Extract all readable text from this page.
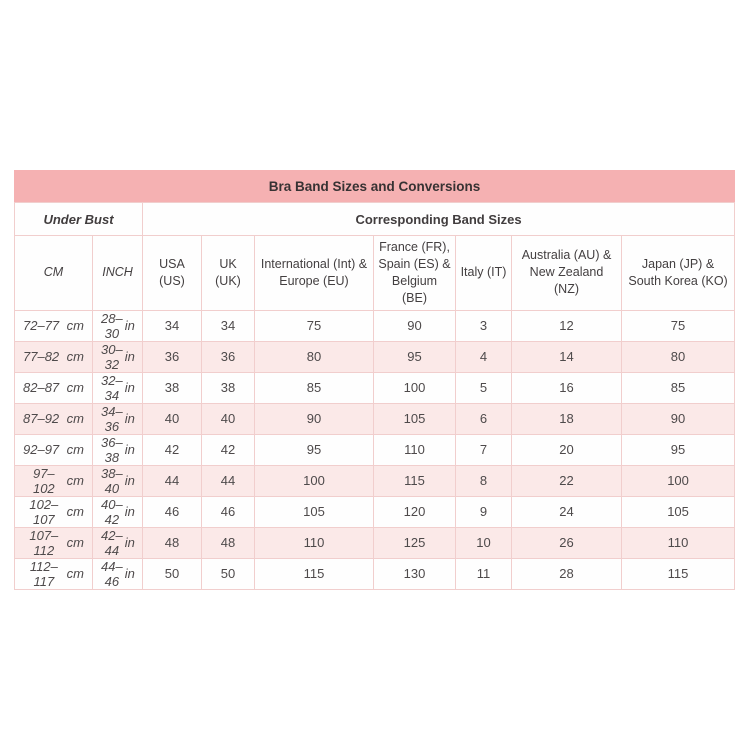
Bra Band Sizes and Conversions								
Under Bust		Corresponding Band Sizes						
CM	INCH	USA (US)	UK (UK)	International (Int) & Europe (EU)	France (FR), Spain (ES) & Belgium (BE)	Italy (IT)	Australia (AU) & New Zealand (NZ)	Japan (JP) & South Korea (KO)

72–77 cm	28–30 in	34	34	75	90	3	12	75

77–82 cm	30–32 in	36	36	80	95	4	14	80

82–87 cm	32–34 in	38	38	85	100	5	16	85

87–92 cm	34–36 in	40	40	90	105	6	18	90

92–97 cm	36–38 in	42	42	95	110	7	20	95

97–102 cm	38–40 in	44	44	100	115	8	22	100

102–107 cm	40–42 in	46	46	105	120	9	24	105

107–112 cm	42–44 in	48	48	110	125	10	26	110

112–117 cm	44–46 in	50	50	115	130	11	28	115
